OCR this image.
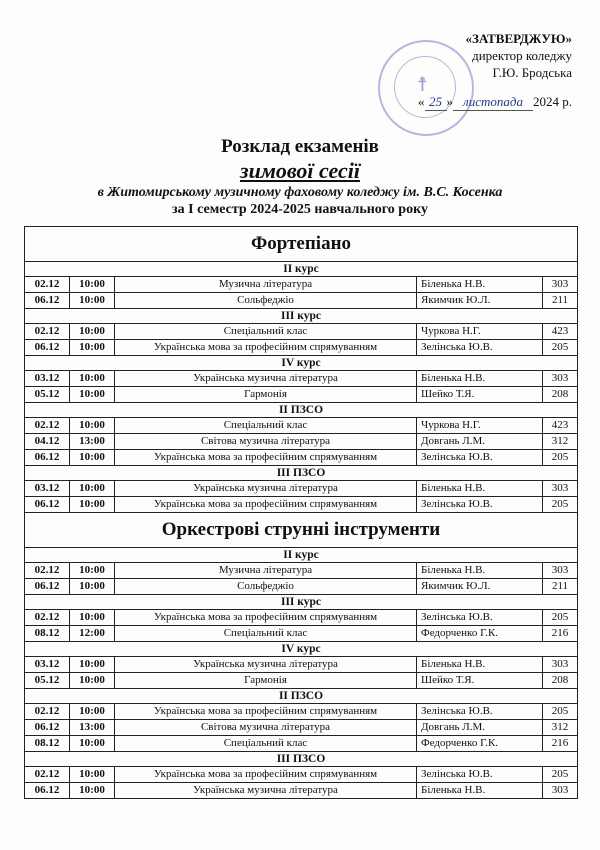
☨
«ЗАТВЕРДЖУЮ»
директор коледжу
Г.Ю. Бродська
« 25 » листопада 2024 р.
Розклад екзаменів
зимової сесії
в Житомирському музичному фаховому коледжу ім. В.С. Косенка
за I семестр 2024-2025 навчального року
Фортепіано
II курс
02.12	10:00	Музична література	Біленька Н.В.	303
06.12	10:00	Сольфеджіо	Якимчик Ю.Л.	211
III курс
02.12	10:00	Спеціальний клас	Чуркова Н.Г.	423
06.12	10:00	Українська мова за професійним спрямуванням	Зелінська Ю.В.	205
IV курс
03.12	10:00	Українська музична література	Біленька Н.В.	303
05.12	10:00	Гармонія	Шейко Т.Я.	208
II ПЗСО
02.12	10:00	Спеціальний клас	Чуркова Н.Г.	423
04.12	13:00	Світова музична література	Довгань Л.М.	312
06.12	10:00	Українська мова за професійним спрямуванням	Зелінська Ю.В.	205
III ПЗСО
03.12	10:00	Українська музична література	Біленька Н.В.	303
06.12	10:00	Українська мова за професійним спрямуванням	Зелінська Ю.В.	205
Оркестрові струнні інструменти
II курс
02.12	10:00	Музична література	Біленька Н.В.	303
06.12	10:00	Сольфеджіо	Якимчик Ю.Л.	211
III курс
02.12	10:00	Українська мова за професійним спрямуванням	Зелінська Ю.В.	205
08.12	12:00	Спеціальний клас	Федорченко Г.К.	216
IV курс
03.12	10:00	Українська музична література	Біленька Н.В.	303
05.12	10:00	Гармонія	Шейко Т.Я.	208
II ПЗСО
02.12	10:00	Українська мова за професійним спрямуванням	Зелінська Ю.В.	205
06.12	13:00	Світова музична література	Довгань Л.М.	312
08.12	10:00	Спеціальний клас	Федорченко Г.К.	216
III ПЗСО
02.12	10:00	Українська мова за професійним спрямуванням	Зелінська Ю.В.	205
06.12	10:00	Українська музична література	Біленька Н.В.	303
